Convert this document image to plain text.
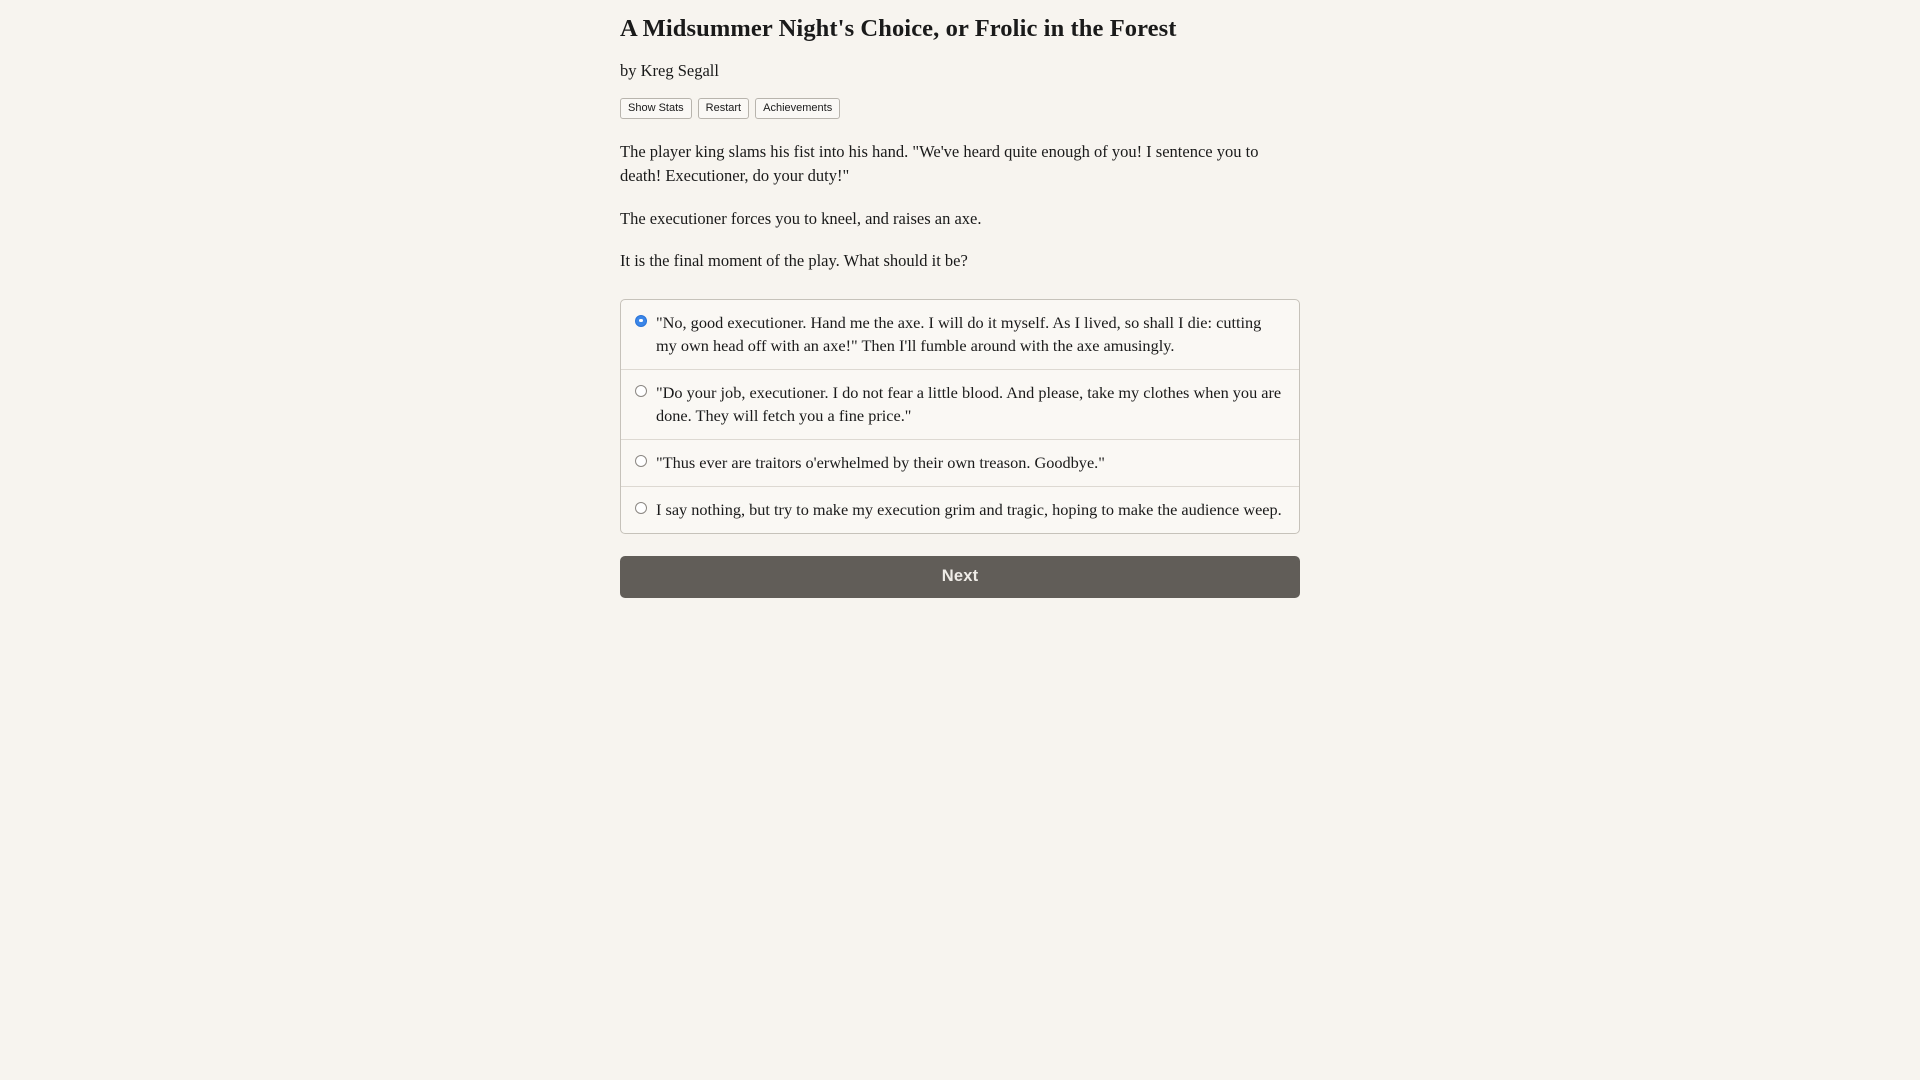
A Midsummer Night's Choice, or Frolic in the Forest
by Kreg Segall
Show Stats	Restart	Achievements

The player king slams his fist into his hand. "We've heard quite enough of you! I sentence you to death! Executioner, do your duty!"

The executioner forces you to kneel, and raises an axe.

It is the final moment of the play. What should it be?

"No, good executioner. Hand me the axe. I will do it myself. As I lived, so shall I die: cutting my own head off with an axe!" Then I'll fumble around with the axe amusingly.
"Do your job, executioner. I do not fear a little blood. And please, take my clothes when you are done. They will fetch you a fine price."
"Thus ever are traitors o'erwhelmed by their own treason. Goodbye."
I say nothing, but try to make my execution grim and tragic, hoping to make the audience weep.
Next
